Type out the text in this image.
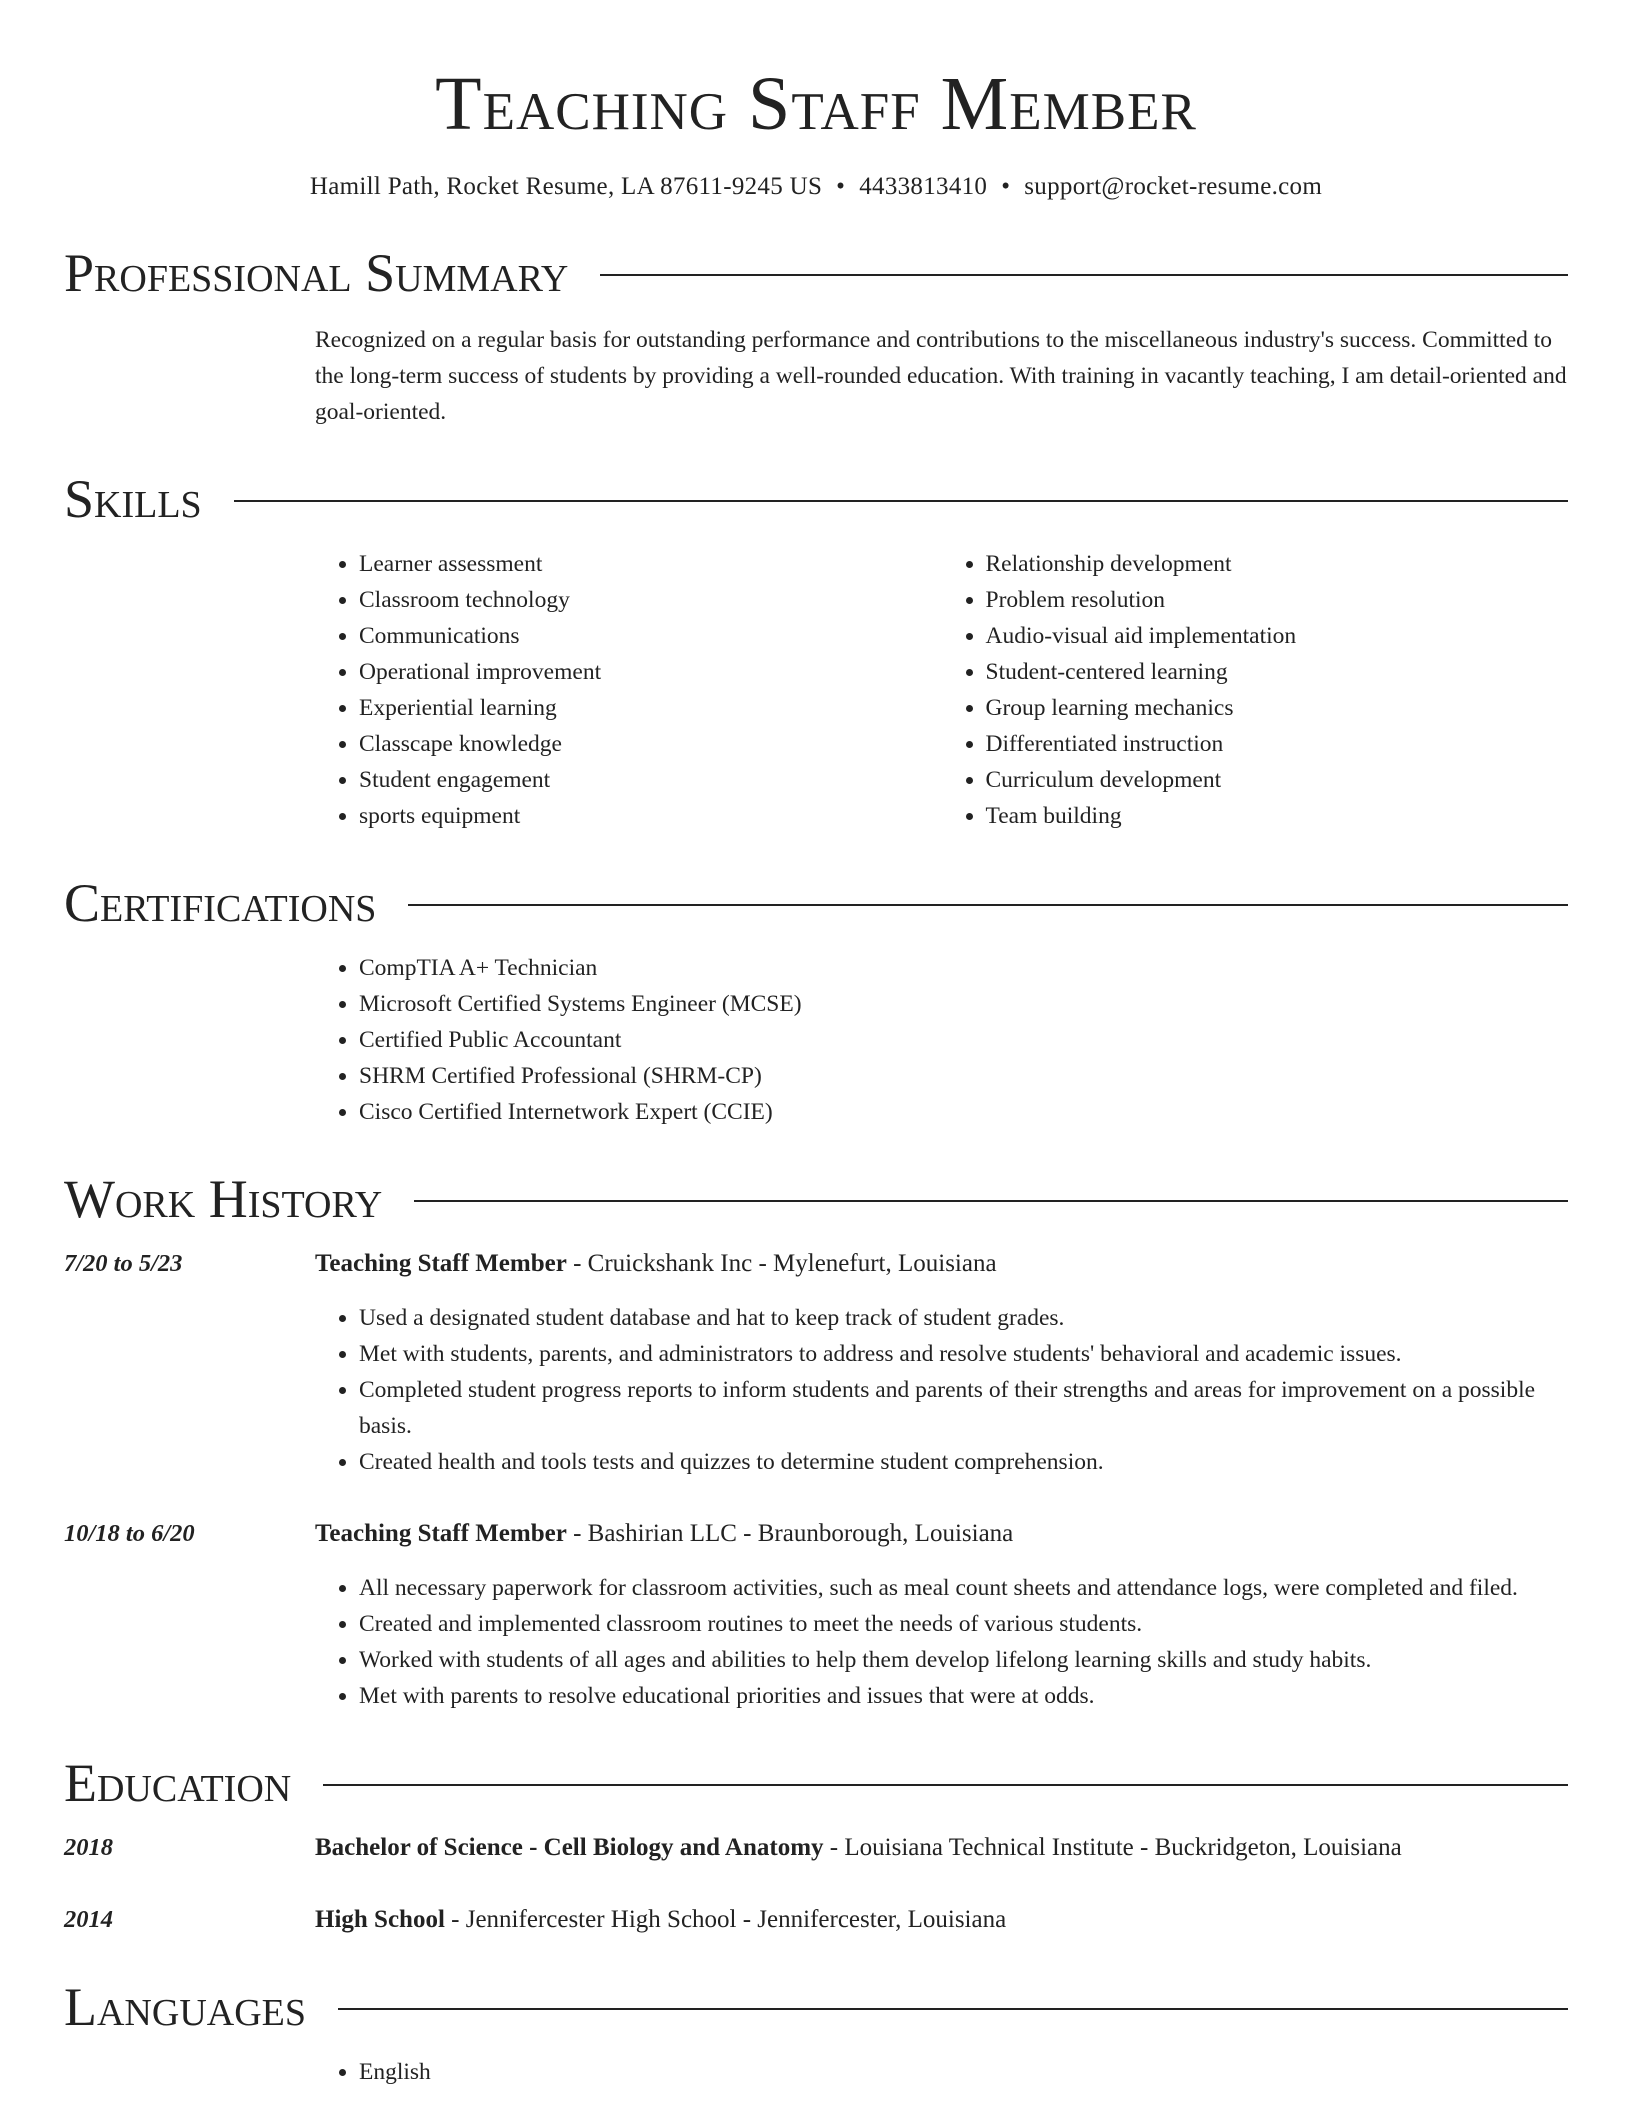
Teaching Staff Member
Hamill Path, Rocket Resume, LA 87611-9245 US • 4433813410 • support@rocket-resume.com
Professional Summary
Recognized on a regular basis for outstanding performance and contributions to the miscellaneous industry's success. Committed to the long-term success of students by providing a well-rounded education. With training in vacantly teaching, I am detail-oriented and goal-oriented.
Skills
• Learner assessment
• Classroom technology
• Communications
• Operational improvement
• Experiential learning
• Classcape knowledge
• Student engagement
• sports equipment
• Relationship development
• Problem resolution
• Audio-visual aid implementation
• Student-centered learning
• Group learning mechanics
• Differentiated instruction
• Curriculum development
• Team building
Certifications
• CompTIA A+ Technician
• Microsoft Certified Systems Engineer (MCSE)
• Certified Public Accountant
• SHRM Certified Professional (SHRM-CP)
• Cisco Certified Internetwork Expert (CCIE)
Work History
7/20 to 5/23	Teaching Staff Member - Cruickshank Inc - Mylenefurt, Louisiana
• Used a designated student database and hat to keep track of student grades.
• Met with students, parents, and administrators to address and resolve students' behavioral and academic issues.
• Completed student progress reports to inform students and parents of their strengths and areas for improvement on a possible basis.
• Created health and tools tests and quizzes to determine student comprehension.
10/18 to 6/20	Teaching Staff Member - Bashirian LLC - Braunborough, Louisiana
• All necessary paperwork for classroom activities, such as meal count sheets and attendance logs, were completed and filed.
• Created and implemented classroom routines to meet the needs of various students.
• Worked with students of all ages and abilities to help them develop lifelong learning skills and study habits.
• Met with parents to resolve educational priorities and issues that were at odds.
Education
2018	Bachelor of Science - Cell Biology and Anatomy - Louisiana Technical Institute - Buckridgeton, Louisiana
2014	High School - Jennifercester High School - Jennifercester, Louisiana
Languages
• English
